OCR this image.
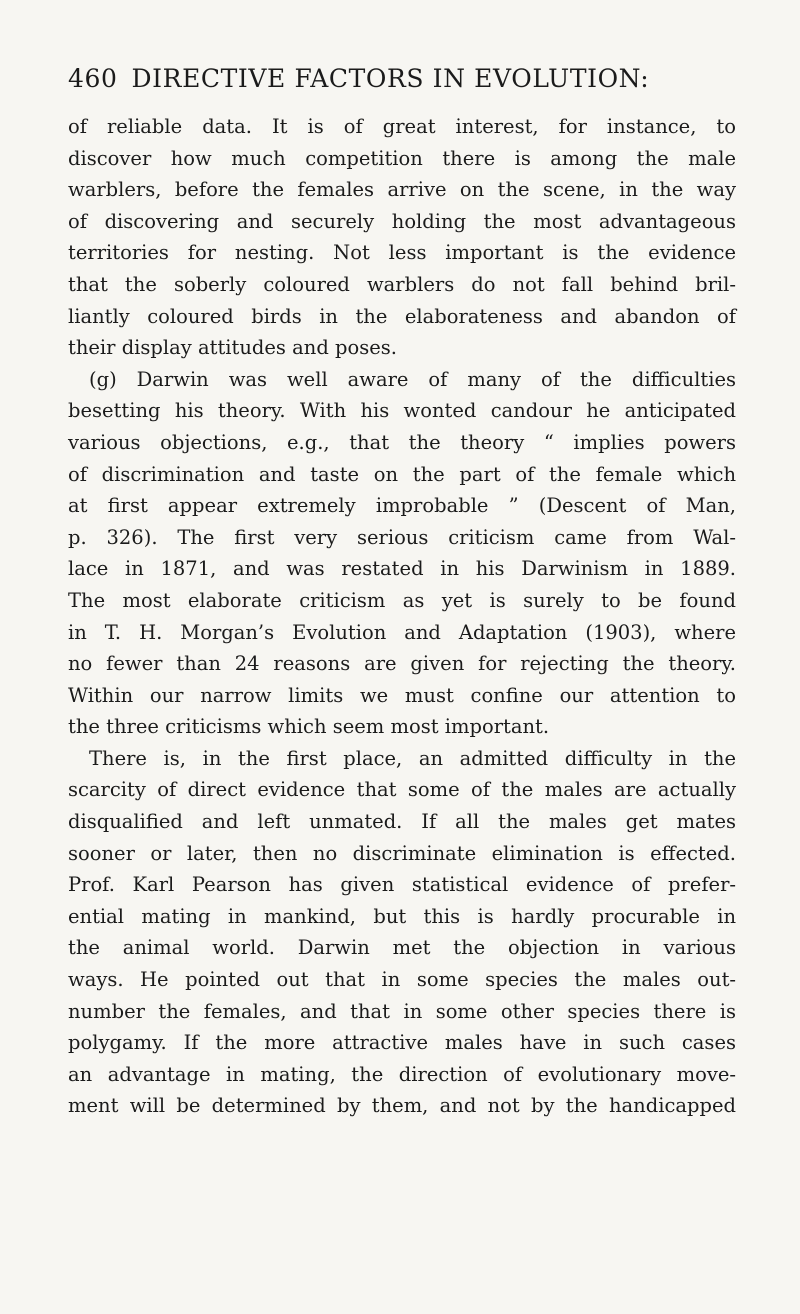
460 DIRECTIVE FACTORS IN EVOLUTION:
of reliable data. It is of great interest, for instance, to
discover how much competition there is among the male
warblers, before the females arrive on the scene, in the way
of discovering and securely holding the most advantageous
territories for nesting. Not less important is the evidence
that the soberly coloured warblers do not fall behind bril-
liantly coloured birds in the elaborateness and abandon of
their display attitudes and poses.
(g) Darwin was well aware of many of the difficulties
besetting his theory. With his wonted candour he anticipated
various objections, e.g., that the theory “ implies powers
of discrimination and taste on the part of the female which
at first appear extremely improbable ” (Descent of Man,
p. 326). The first very serious criticism came from Wal-
lace in 1871, and was restated in his Darwinism in 1889.
The most elaborate criticism as yet is surely to be found
in T. H. Morgan’s Evolution and Adaptation (1903), where
no fewer than 24 reasons are given for rejecting the theory.
Within our narrow limits we must confine our attention to
the three criticisms which seem most important.
There is, in the first place, an admitted difficulty in the
scarcity of direct evidence that some of the males are actually
disqualified and left unmated. If all the males get mates
sooner or later, then no discriminate elimination is effected.
Prof. Karl Pearson has given statistical evidence of prefer-
ential mating in mankind, but this is hardly procurable in
the animal world. Darwin met the objection in various
ways. He pointed out that in some species the males out-
number the females, and that in some other species there is
polygamy. If the more attractive males have in such cases
an advantage in mating, the direction of evolutionary move-
ment will be determined by them, and not by the handicapped
